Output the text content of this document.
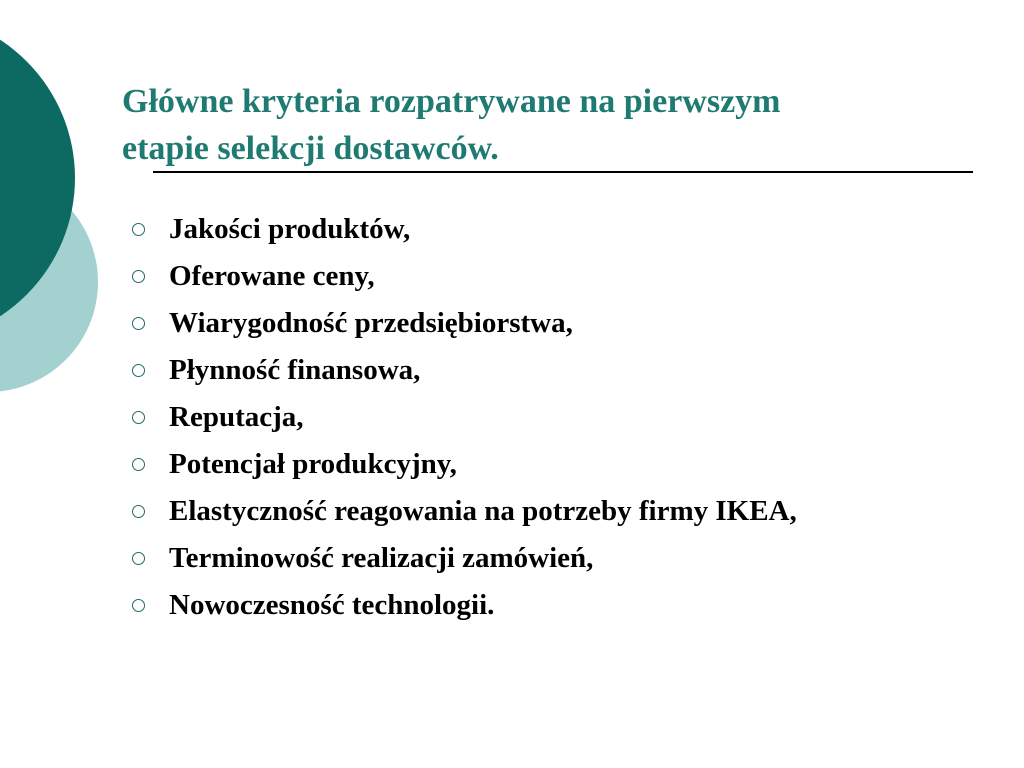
Główne kryteria rozpatrywane na pierwszym
etapie selekcji dostawców.
Jakości produktów,
Oferowane ceny,
Wiarygodność przedsiębiorstwa,
Płynność finansowa,
Reputacja,
Potencjał produkcyjny,
Elastyczność reagowania na potrzeby firmy IKEA,
Terminowość realizacji zamówień,
Nowoczesność technologii.
